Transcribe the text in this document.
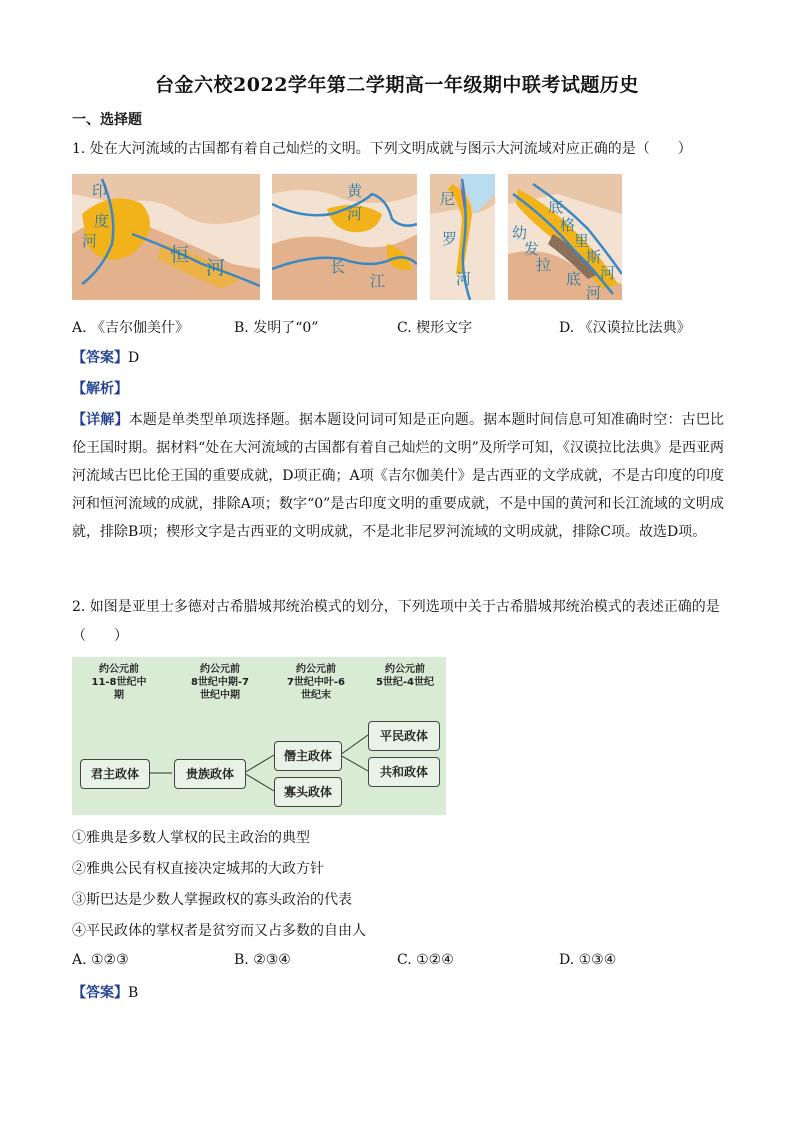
台金六校2022学年第二学期高一年级期中联考试题历史
一、选择题
1. 处在大河流域的古国都有着自己灿烂的文明。下列文明成就与图示大河流域对应正确的是（　　）
印
度
河
恒
河
黄
河
长
江
尼
罗
河
底
格
里
斯
河
幼
发
拉
底
河
A. 《吉尔伽美什》	B. 发明了“0”	C. 楔形文字	D. 《汉谟拉比法典》
【答案】D
【解析】
【详解】本题是单类型单项选择题。据本题设问词可知是正向题。据本题时间信息可知准确时空：古巴比伦王国时期。据材料“处在大河流域的古国都有着自己灿烂的文明”及所学可知，《汉谟拉比法典》是西亚两河流域古巴比伦王国的重要成就，D项正确；A项《吉尔伽美什》是古西亚的文学成就，不是古印度的印度河和恒河流域的成就，排除A项；数字“0”是古印度文明的重要成就，不是中国的黄河和长江流域的文明成就，排除B项；楔形文字是古西亚的文明成就，不是北非尼罗河流域的文明成就，排除C项。故选D项。
2. 如图是亚里士多德对古希腊城邦统治模式的划分，下列选项中关于古希腊城邦统治模式的表述正确的是
（　　）
约公元前
11-8世纪中
期
约公元前
8世纪中期-7
世纪中期
约公元前
7世纪中叶-6
世纪末
约公元前
5世纪-4世纪
君主政体	贵族政体
僭主政体
寡头政体
平民政体
共和政体
①雅典是多数人掌权的民主政治的典型
②雅典公民有权直接决定城邦的大政方针
③斯巴达是少数人掌握政权的寡头政治的代表
④平民政体的掌权者是贫穷而又占多数的自由人
A. ①②③	B. ②③④	C. ①②④	D. ①③④
【答案】B
